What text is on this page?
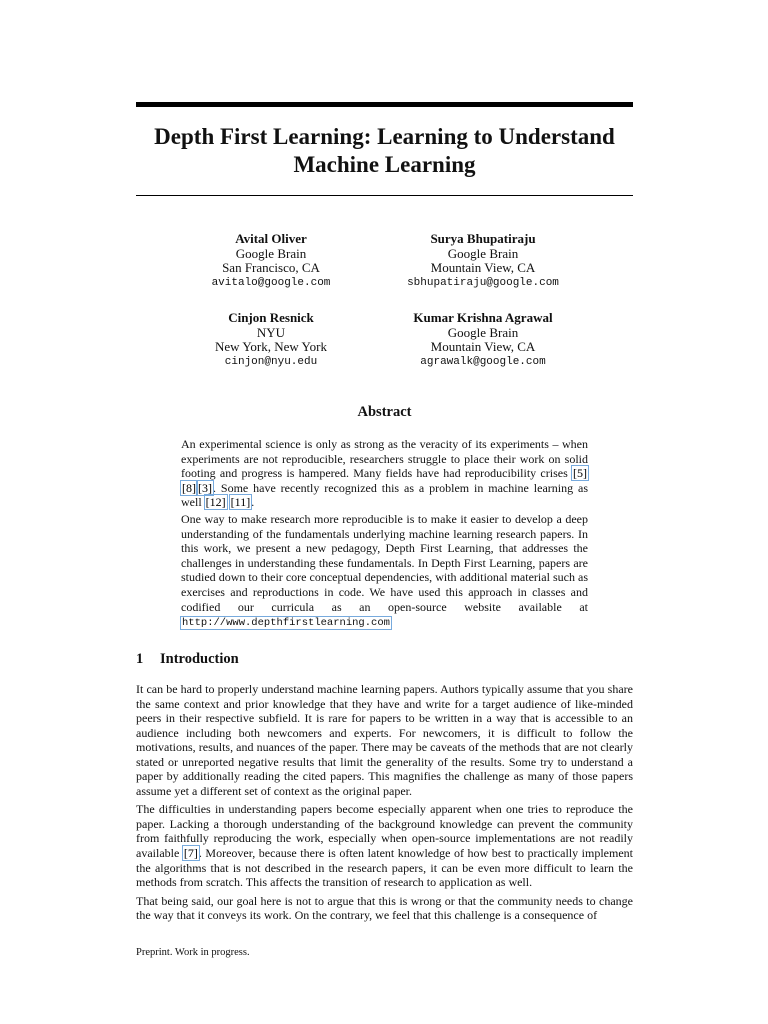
Depth First Learning: Learning to Understand
Machine Learning
Avital Oliver
Google Brain
San Francisco, CA
avitalo@google.com
Surya Bhupatiraju
Google Brain
Mountain View, CA
sbhupatiraju@google.com
Cinjon Resnick
NYU
New York, New York
cinjon@nyu.edu
Kumar Krishna Agrawal
Google Brain
Mountain View, CA
agrawalk@google.com
Abstract

An experimental science is only as strong as the veracity of its experiments – when experiments are not reproducible, researchers struggle to place their work on solid footing and progress is hampered. Many fields have had reproducibility crises [5][8] [3]. Some have recently recognized this as a problem in machine learning as well [12] [11].

One way to make research more reproducible is to make it easier to develop a deep understanding of the fundamentals underlying machine learning research papers. In this work, we present a new pedagogy, Depth First Learning, that addresses the challenges in understanding these fundamentals. In Depth First Learning, papers are studied down to their core conceptual dependencies, with additional material such as exercises and reproductions in code. We have used this approach in classes and codified our curricula as an open-source website available at http://www.depthfirstlearning.com

1 Introduction

It can be hard to properly understand machine learning papers. Authors typically assume that you share the same context and prior knowledge that they have and write for a target audience of like-minded peers in their respective subfield. It is rare for papers to be written in a way that is accessible to an audience including both newcomers and experts. For newcomers, it is difficult to follow the motivations, results, and nuances of the paper. There may be caveats of the methods that are not clearly stated or unreported negative results that limit the generality of the results. Some try to understand a paper by additionally reading the cited papers. This magnifies the challenge as many of those papers assume yet a different set of context as the original paper.

The difficulties in understanding papers become especially apparent when one tries to reproduce the paper. Lacking a thorough understanding of the background knowledge can prevent the community from faithfully reproducing the work, especially when open-source implementations are not readily available [7]. Moreover, because there is often latent knowledge of how best to practically implement the algorithms that is not described in the research papers, it can be even more difficult to learn the methods from scratch. This affects the transition of research to application as well.

That being said, our goal here is not to argue that this is wrong or that the community needs to change the way that it conveys its work. On the contrary, we feel that this challenge is a consequence of

Preprint. Work in progress.
